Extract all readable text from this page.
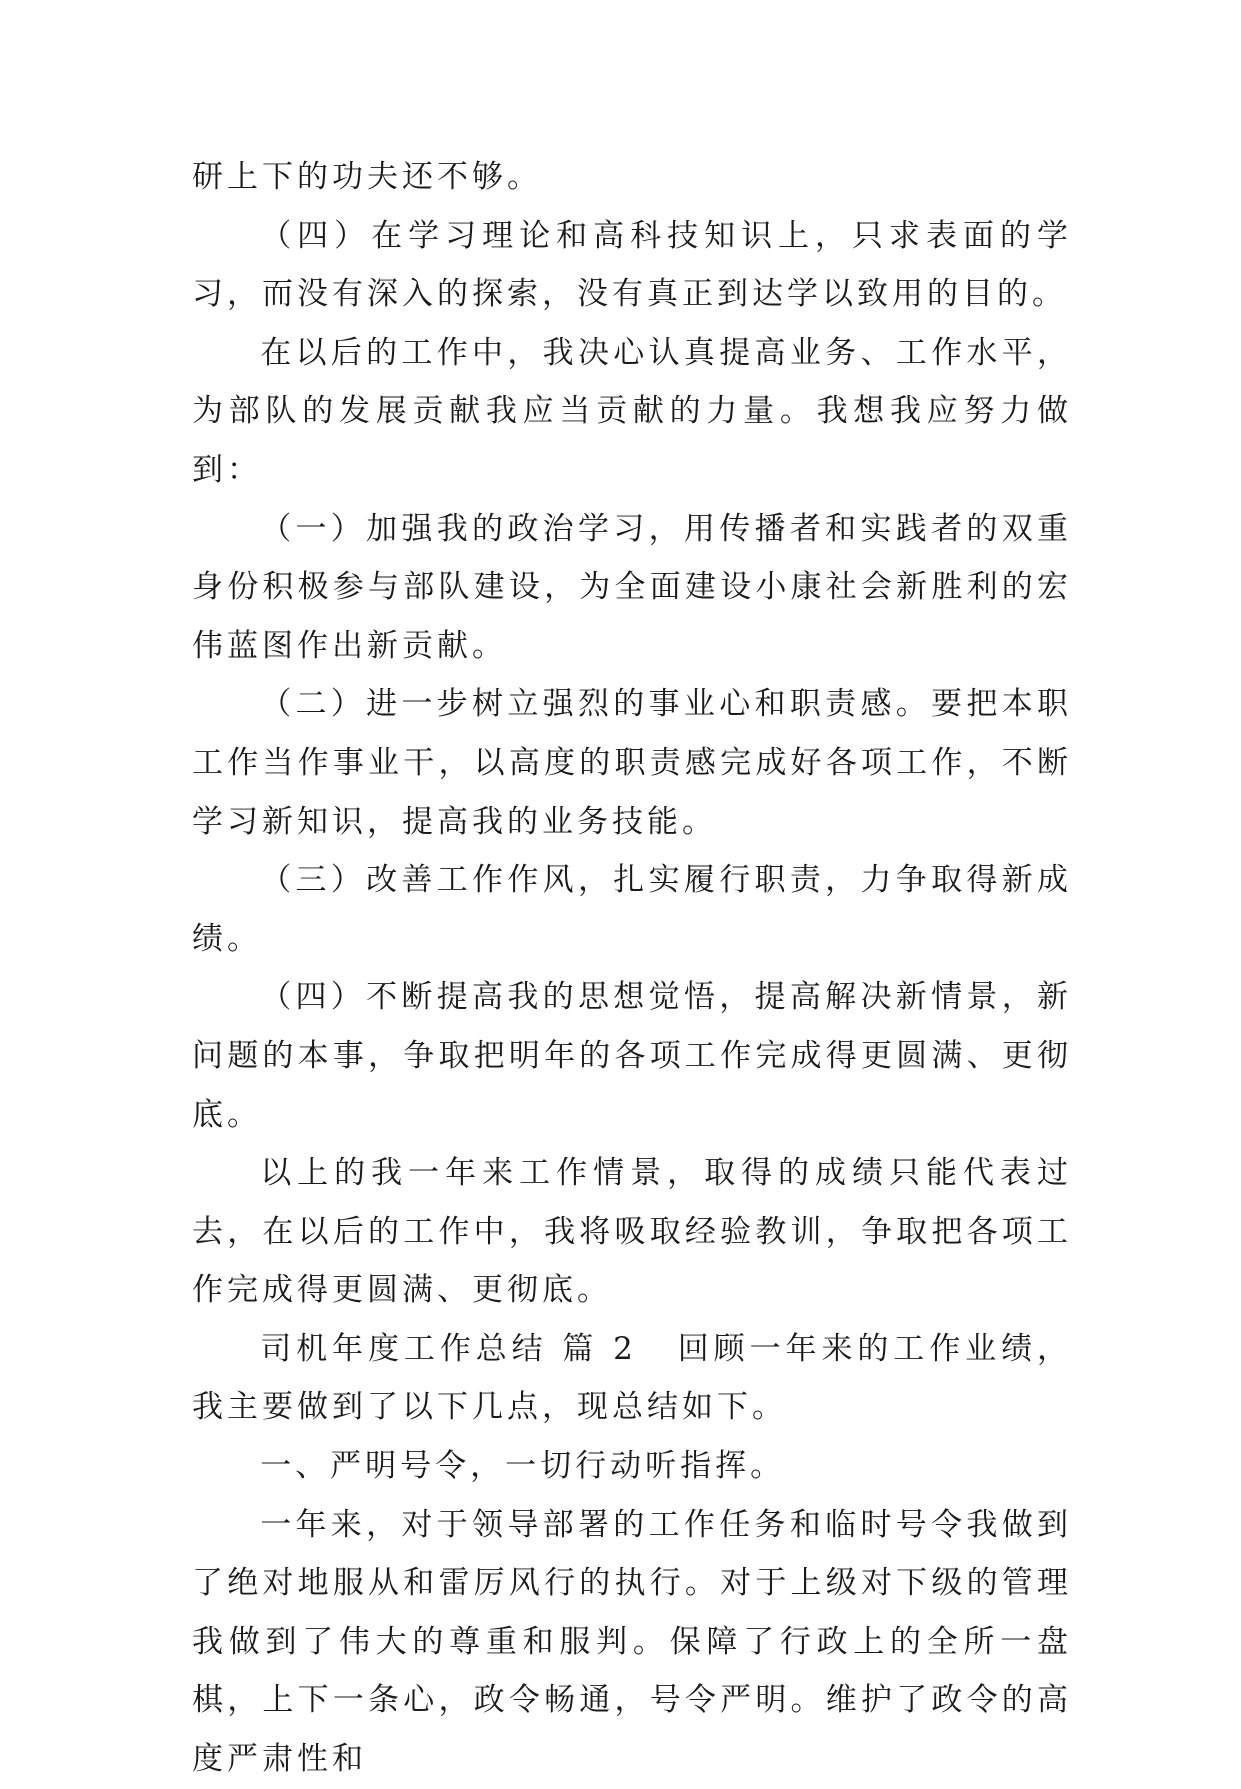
研上下的功夫还不够。

（四）在学习理论和高科技知识上，只求表面的学习，而没有深入的探索，没有真正到达学以致用的目的。

在以后的工作中，我决心认真提高业务、工作水平，为部队的发展贡献我应当贡献的力量。我想我应努力做到：

（一）加强我的政治学习，用传播者和实践者的双重身份积极参与部队建设，为全面建设小康社会新胜利的宏伟蓝图作出新贡献。

（二）进一步树立强烈的事业心和职责感。要把本职工作当作事业干，以高度的职责感完成好各项工作，不断学习新知识，提高我的业务技能。

（三）改善工作作风，扎实履行职责，力争取得新成绩。

（四）不断提高我的思想觉悟，提高解决新情景，新问题的本事，争取把明年的各项工作完成得更圆满、更彻底。

以上的我一年来工作情景，取得的成绩只能代表过去，在以后的工作中，我将吸取经验教训，争取把各项工作完成得更圆满、更彻底。

司机年度工作总结 篇 2 回顾一年来的工作业绩，我主要做到了以下几点，现总结如下。

一、严明号令，一切行动听指挥。

一年来，对于领导部署的工作任务和临时号令我做到了绝对地服从和雷厉风行的执行。对于上级对下级的管理我做到了伟大的尊重和服判。保障了行政上的全所一盘棋，上下一条心，政令畅通，号令严明。维护了政令的高度严肃性和
